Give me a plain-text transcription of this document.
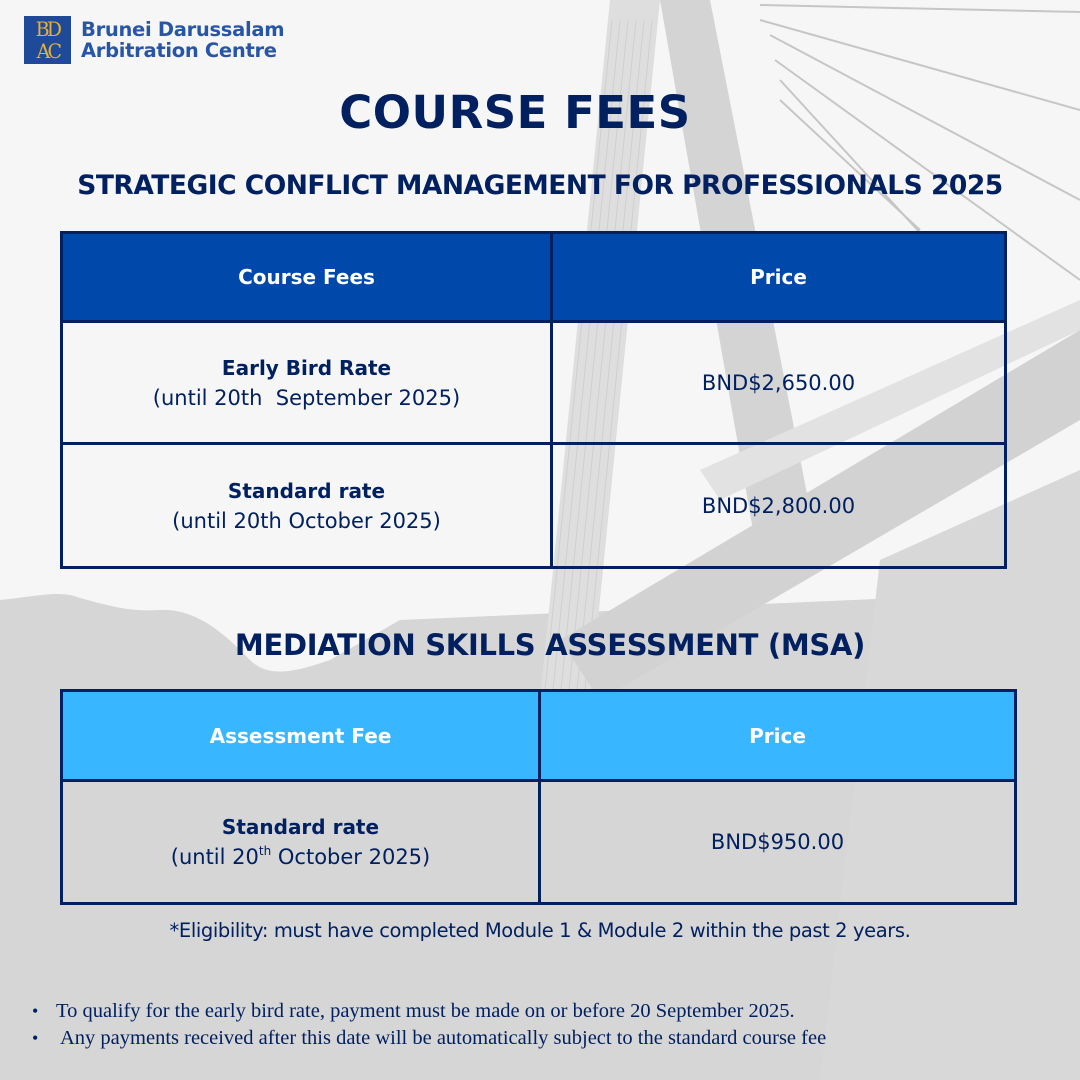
BD
AC
Brunei Darussalam
Arbitration Centre
COURSE FEES
STRATEGIC CONFLICT MANAGEMENT FOR PROFESSIONALS 2025
Course Fees	Price

Early Bird Rate
(until 20th  September 2025)	BND$2,650.00

Standard rate
(until 20th October 2025)	BND$2,800.00
MEDIATION SKILLS ASSESSMENT (MSA)
Assessment Fee	Price

Standard rate
(until 20th October 2025)	BND$950.00
*Eligibility: must have completed Module 1 & Module 2 within the past 2 years.
• To qualify for the early bird rate, payment must be made on or before 20 September 2025.
•  Any payments received after this date will be automatically subject to the standard course fee
